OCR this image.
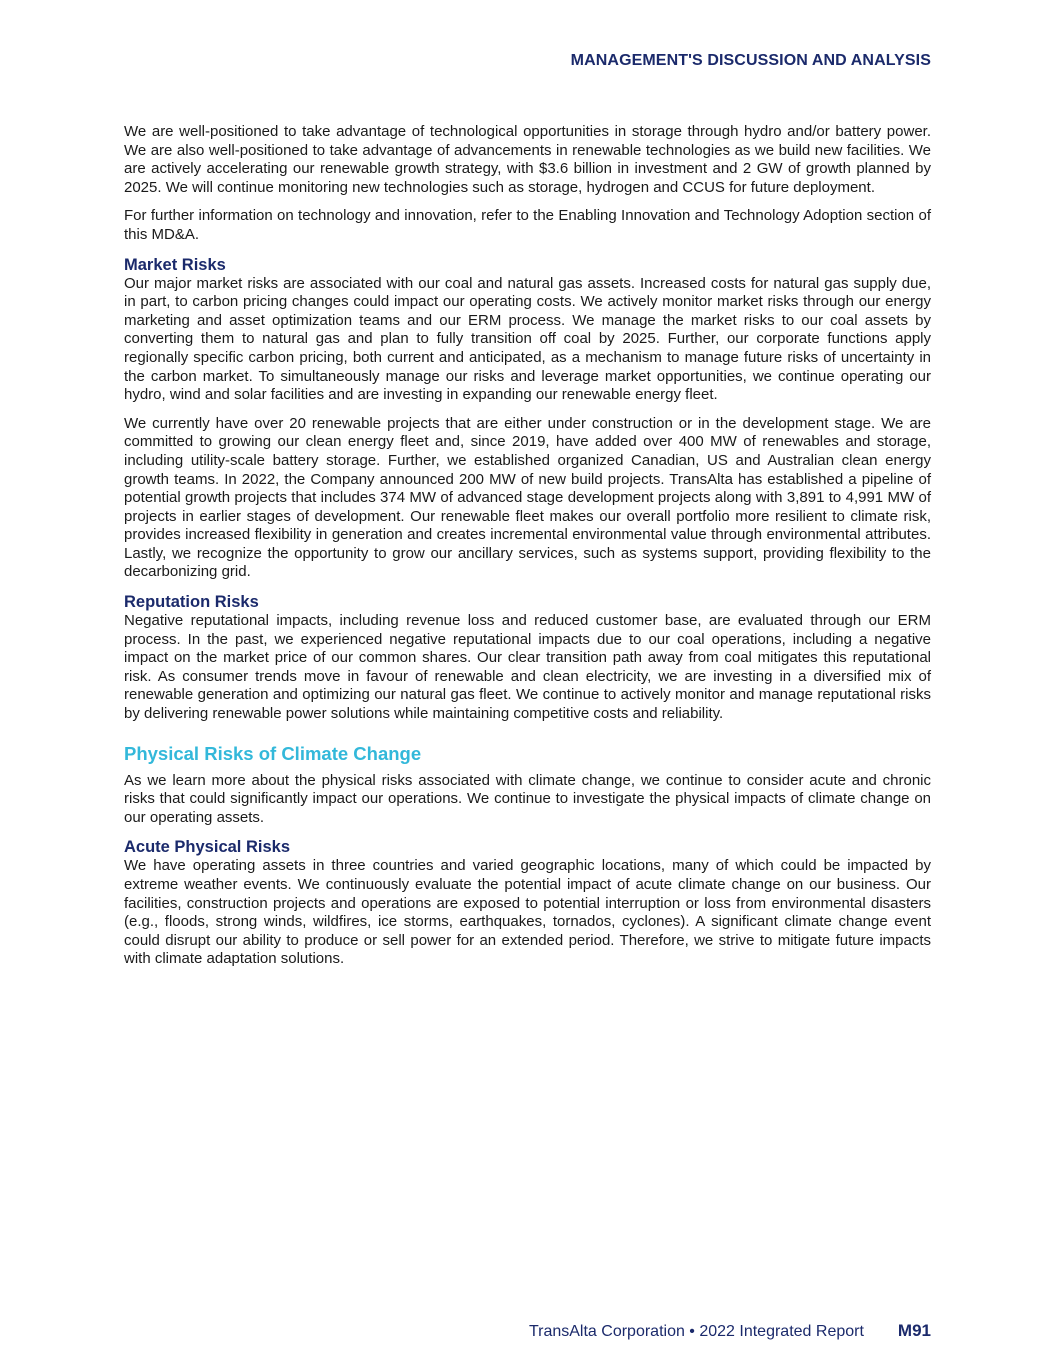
MANAGEMENT'S DISCUSSION AND ANALYSIS

We are well-positioned to take advantage of technological opportunities in storage through hydro and/or battery power. We are also well-positioned to take advantage of advancements in renewable technologies as we build new facilities. We are actively accelerating our renewable growth strategy, with $3.6 billion in investment and 2 GW of growth planned by 2025. We will continue monitoring new technologies such as storage, hydrogen and CCUS for future deployment.

For further information on technology and innovation, refer to the Enabling Innovation and Technology Adoption section of this MD&A.

Market Risks

Our major market risks are associated with our coal and natural gas assets. Increased costs for natural gas supply due, in part, to carbon pricing changes could impact our operating costs. We actively monitor market risks through our energy marketing and asset optimization teams and our ERM process. We manage the market risks to our coal assets by converting them to natural gas and plan to fully transition off coal by 2025. Further, our corporate functions apply regionally specific carbon pricing, both current and anticipated, as a mechanism to manage future risks of uncertainty in the carbon market. To simultaneously manage our risks and leverage market opportunities, we continue operating our hydro, wind and solar facilities and are investing in expanding our renewable energy fleet.

We currently have over 20 renewable projects that are either under construction or in the development stage. We are committed to growing our clean energy fleet and, since 2019, have added over 400 MW of renewables and storage, including utility-scale battery storage. Further, we established organized Canadian, US and Australian clean energy growth teams. In 2022, the Company announced 200 MW of new build projects. TransAlta has established a pipeline of potential growth projects that includes 374 MW of advanced stage development projects along with 3,891 to 4,991 MW of projects in earlier stages of development. Our renewable fleet makes our overall portfolio more resilient to climate risk, provides increased flexibility in generation and creates incremental environmental value through environmental attributes. Lastly, we recognize the opportunity to grow our ancillary services, such as systems support, providing flexibility to the decarbonizing grid.

Reputation Risks

Negative reputational impacts, including revenue loss and reduced customer base, are evaluated through our ERM process. In the past, we experienced negative reputational impacts due to our coal operations, including a negative impact on the market price of our common shares. Our clear transition path away from coal mitigates this reputational risk. As consumer trends move in favour of renewable and clean electricity, we are investing in a diversified mix of renewable generation and optimizing our natural gas fleet. We continue to actively monitor and manage reputational risks by delivering renewable power solutions while maintaining competitive costs and reliability.

Physical Risks of Climate Change

As we learn more about the physical risks associated with climate change, we continue to consider acute and chronic risks that could significantly impact our operations. We continue to investigate the physical impacts of climate change on our operating assets.

Acute Physical Risks

We have operating assets in three countries and varied geographic locations, many of which could be impacted by extreme weather events. We continuously evaluate the potential impact of acute climate change on our business. Our facilities, construction projects and operations are exposed to potential interruption or loss from environmental disasters (e.g., floods, strong winds, wildfires, ice storms, earthquakes, tornados, cyclones). A significant climate change event could disrupt our ability to produce or sell power for an extended period. Therefore, we strive to mitigate future impacts with climate adaptation solutions.

TransAlta Corporation • 2022 Integrated Report M91
